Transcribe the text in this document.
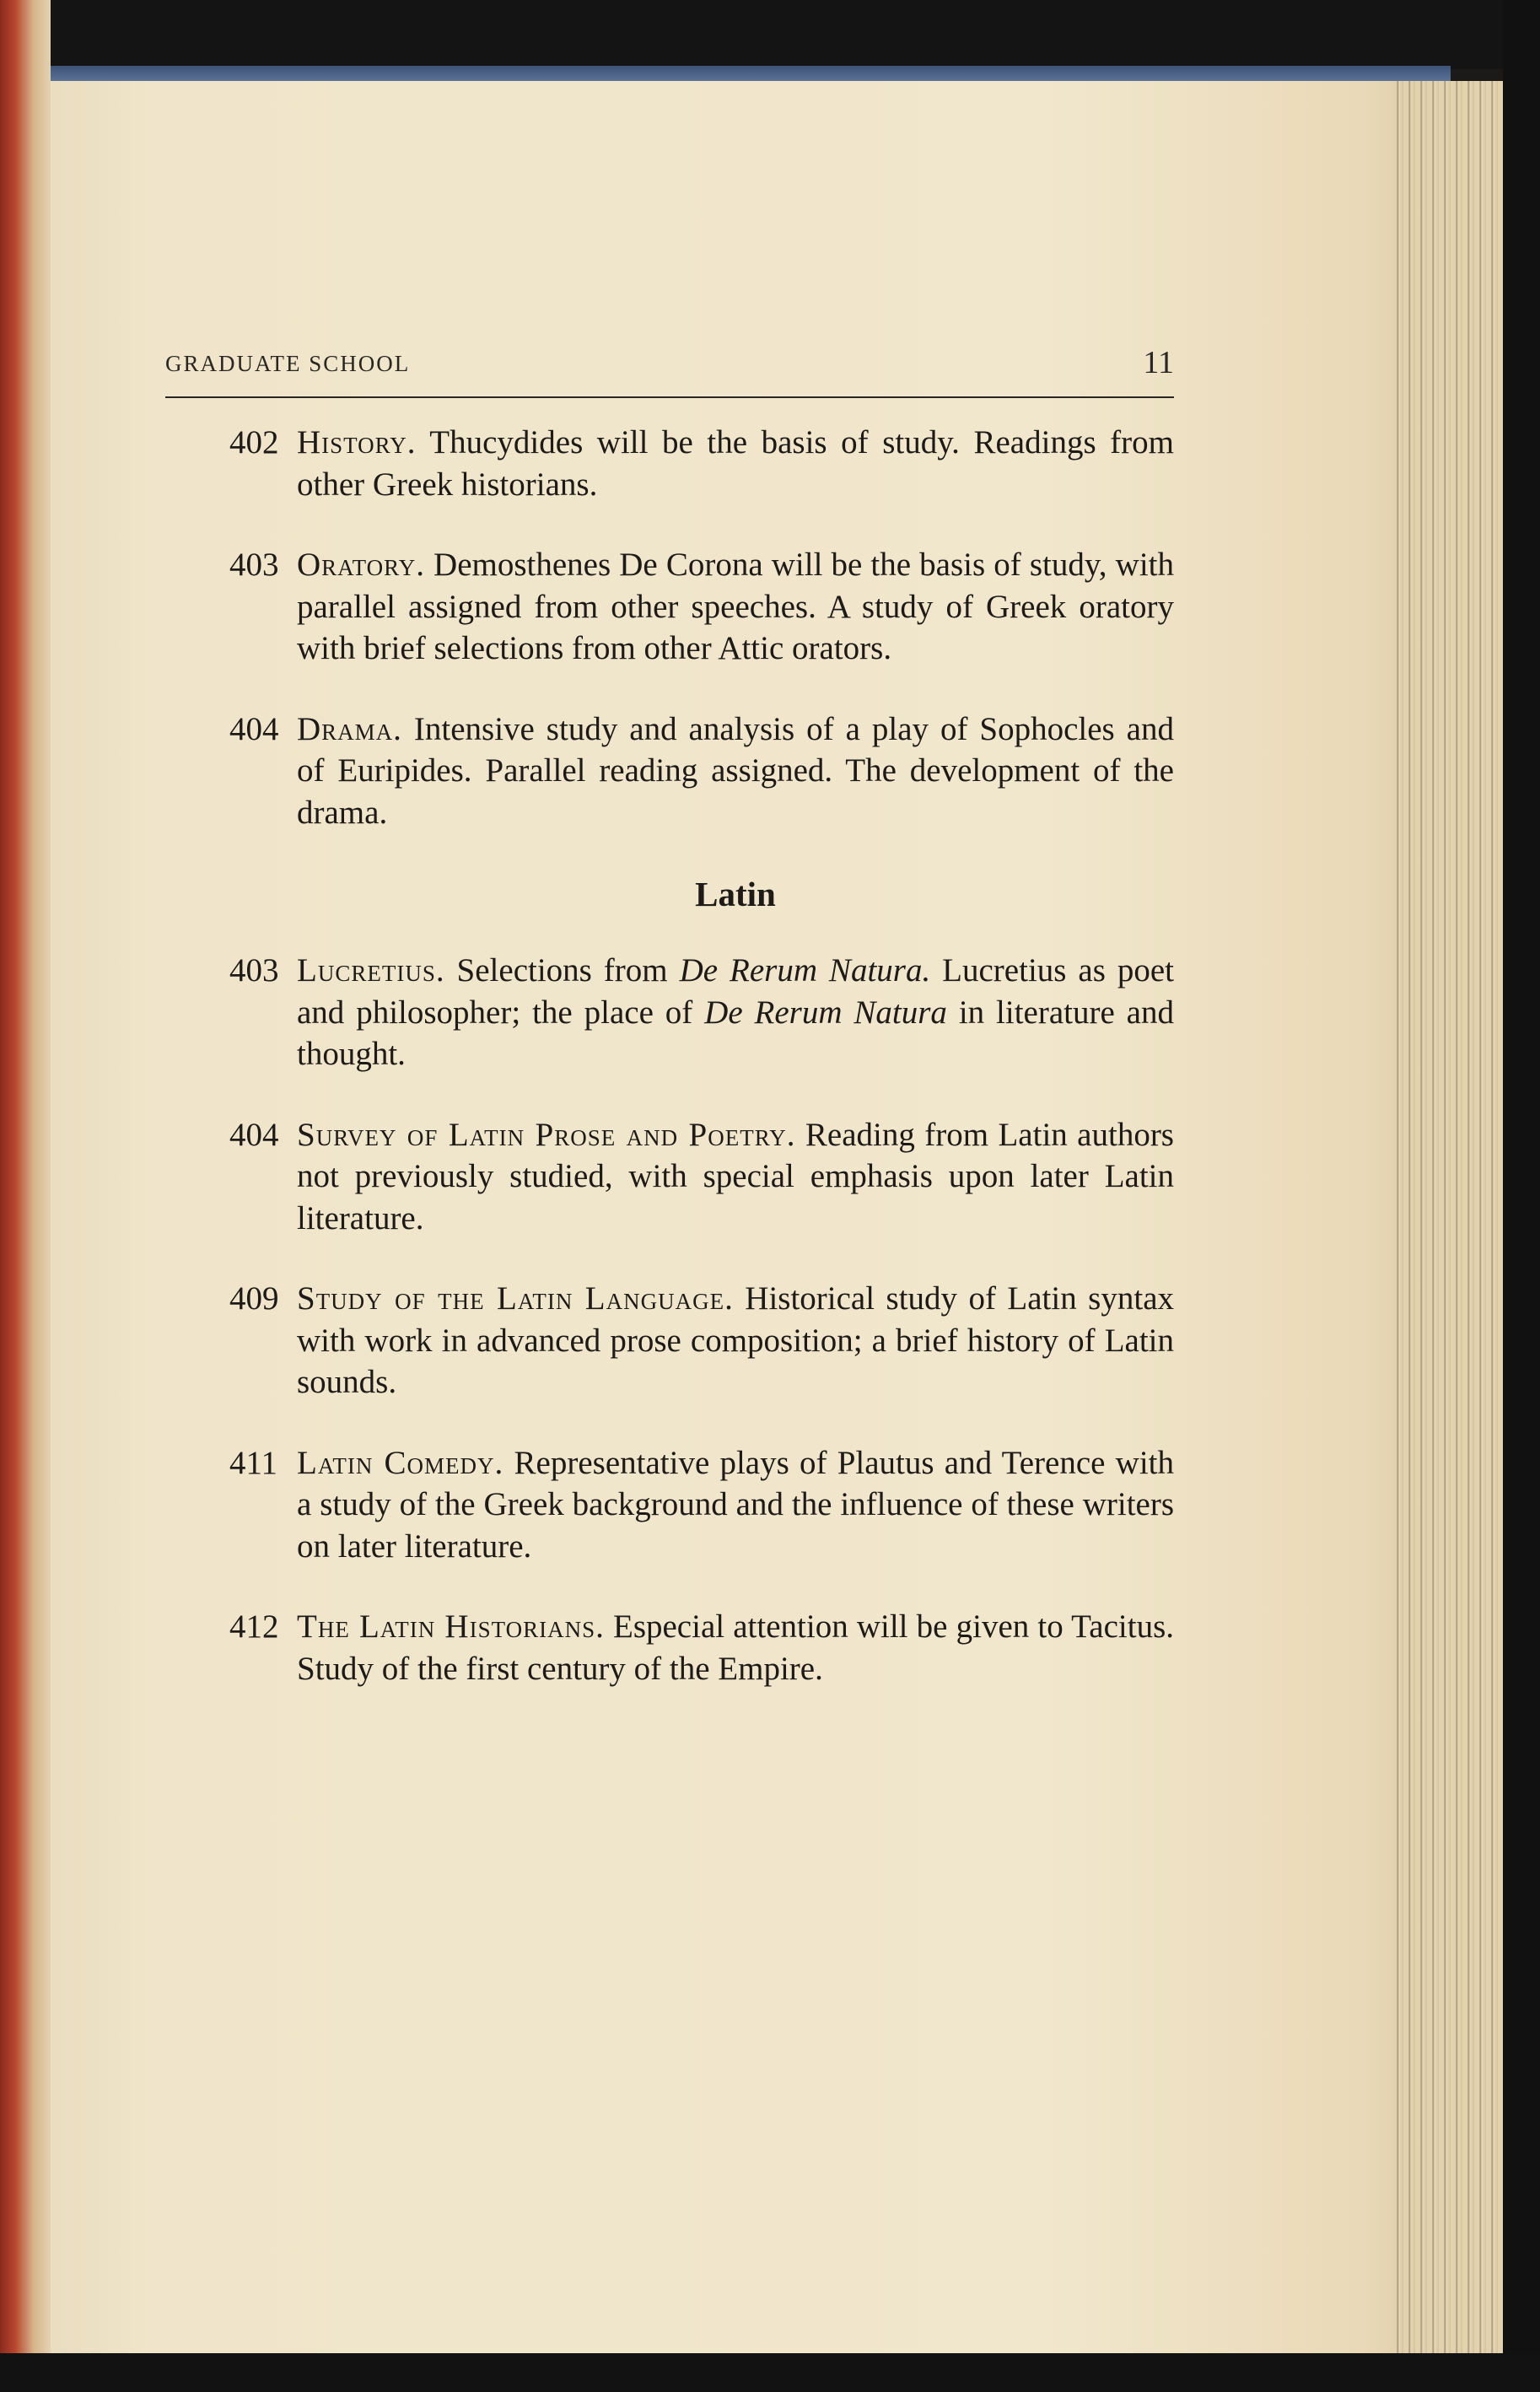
GRADUATE SCHOOL	11

402 History. Thucydides will be the basis of study. Readings from other Greek historians.

403 Oratory. Demosthenes De Corona will be the basis of study, with parallel assigned from other speeches. A study of Greek oratory with brief selections from other Attic orators.

404 Drama. Intensive study and analysis of a play of Sophocles and of Euripides. Parallel reading assigned. The development of the drama.

Latin

403 Lucretius. Selections from De Rerum Natura. Lucretius as poet and philosopher; the place of De Rerum Natura in literature and thought.

404 Survey of Latin Prose and Poetry. Reading from Latin authors not previously studied, with special emphasis upon later Latin literature.

409 Study of the Latin Language. Historical study of Latin syntax with work in advanced prose composition; a brief history of Latin sounds.

411 Latin Comedy. Representative plays of Plautus and Terence with a study of the Greek background and the influence of these writers on later literature.

412 The Latin Historians. Especial attention will be given to Tacitus. Study of the first century of the Empire.
